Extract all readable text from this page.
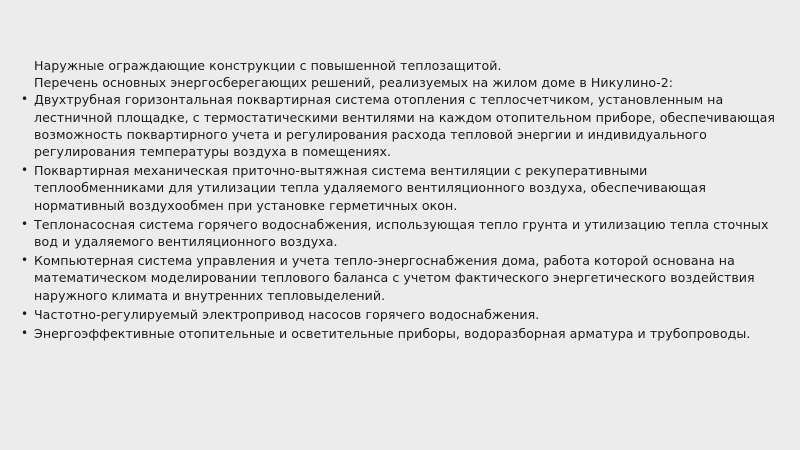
Наружные ограждающие конструкции с повышенной теплозащитой.

Перечень основных энергосберегающих решений, реализуемых на жилом доме в Никулино-2:

• Двухтрубная горизонтальная поквартирная система отопления с теплосчетчиком, установленным на лестничной площадке, с термостатическими вентилями на каждом отопительном приборе, обеспечивающая возможность поквартирного учета и регулирования расхода тепловой энергии и индивидуального регулирования температуры воздуха в помещениях.
• Поквартирная механическая приточно-вытяжная система вентиляции с рекуперативными теплообменниками для утилизации тепла удаляемого вентиляционного воздуха, обеспечивающая нормативный воздухообмен при установке герметичных окон.
• Теплонасосная система горячего водоснабжения, использующая тепло грунта и утилизацию тепла сточных вод и удаляемого вентиляционного воздуха.
• Компьютерная система управления и учета тепло-энергоснабжения дома, работа которой основана на математическом моделировании теплового баланса с учетом фактического энергетического воздействия наружного климата и внутренних тепловыделений.
• Частотно-регулируемый электропривод насосов горячего водоснабжения.
• Энергоэффективные отопительные и осветительные приборы, водоразборная арматура и трубопроводы.
